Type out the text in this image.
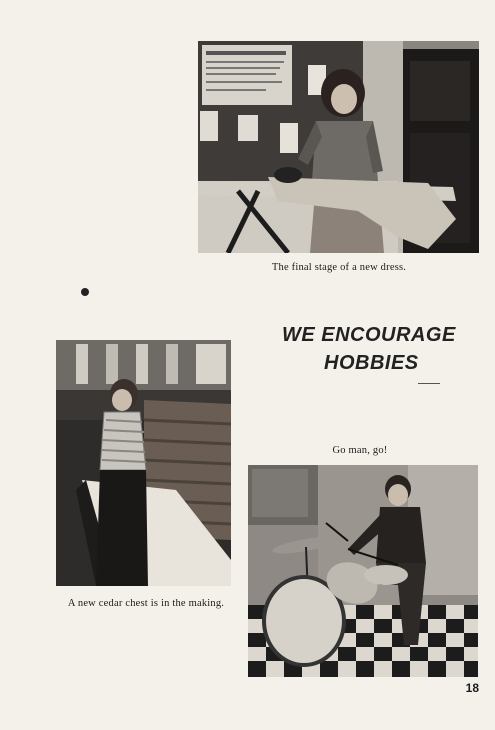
The final stage of a new dress.
WE ENCOURAGE
HOBBIES
A new cedar chest is in the making.
Go man, go!
18
